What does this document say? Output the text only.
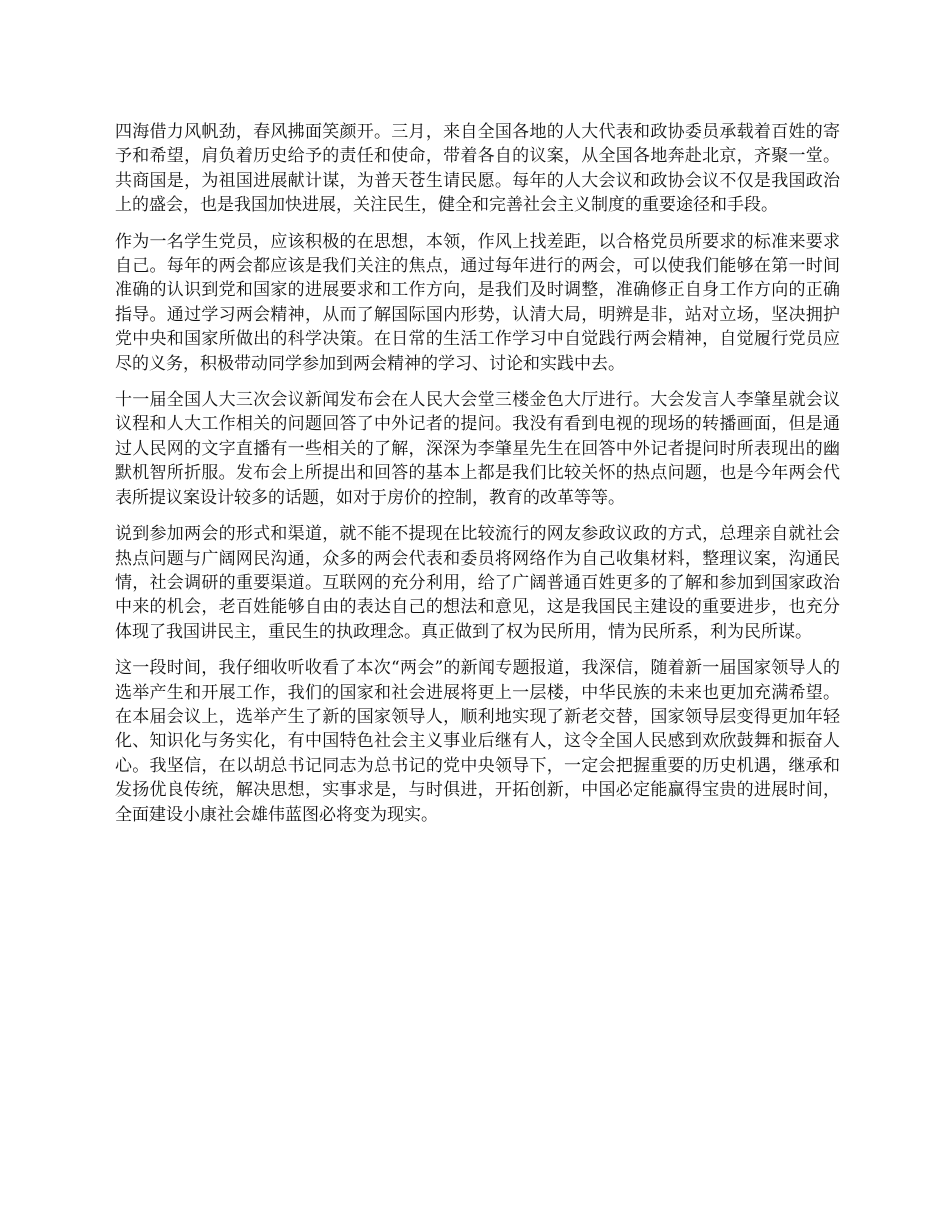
四海借力风帆劲，春风拂面笑颜开。三月，来自全国各地的人大代表和政协委员承载着百姓的寄予和希望，肩负着历史给予的责任和使命，带着各自的议案，从全国各地奔赴北京，齐聚一堂。共商国是，为祖国进展献计谋，为普天苍生请民愿。每年的人大会议和政协会议不仅是我国政治上的盛会，也是我国加快进展，关注民生，健全和完善社会主义制度的重要途径和手段。

作为一名学生党员，应该积极的在思想，本领，作风上找差距，以合格党员所要求的标准来要求自己。每年的两会都应该是我们关注的焦点，通过每年进行的两会，可以使我们能够在第一时间准确的认识到党和国家的进展要求和工作方向，是我们及时调整，准确修正自身工作方向的正确指导。通过学习两会精神，从而了解国际国内形势，认清大局，明辨是非，站对立场，坚决拥护党中央和国家所做出的科学决策。在日常的生活工作学习中自觉践行两会精神，自觉履行党员应尽的义务，积极带动同学参加到两会精神的学习、讨论和实践中去。

十一届全国人大三次会议新闻发布会在人民大会堂三楼金色大厅进行。大会发言人李肇星就会议议程和人大工作相关的问题回答了中外记者的提问。我没有看到电视的现场的转播画面，但是通过人民网的文字直播有一些相关的了解，深深为李肇星先生在回答中外记者提问时所表现出的幽默机智所折服。发布会上所提出和回答的基本上都是我们比较关怀的热点问题，也是今年两会代表所提议案设计较多的话题，如对于房价的控制，教育的改革等等。

说到参加两会的形式和渠道，就不能不提现在比较流行的网友参政议政的方式，总理亲自就社会热点问题与广阔网民沟通，众多的两会代表和委员将网络作为自己收集材料，整理议案，沟通民情，社会调研的重要渠道。互联网的充分利用，给了广阔普通百姓更多的了解和参加到国家政治中来的机会，老百姓能够自由的表达自己的想法和意见，这是我国民主建设的重要进步，也充分体现了我国讲民主，重民生的执政理念。真正做到了权为民所用，情为民所系，利为民所谋。

这一段时间，我仔细收听收看了本次“两会”的新闻专题报道，我深信，随着新一届国家领导人的选举产生和开展工作，我们的国家和社会进展将更上一层楼，中华民族的未来也更加充满希望。在本届会议上，选举产生了新的国家领导人，顺利地实现了新老交替，国家领导层变得更加年轻化、知识化与务实化，有中国特色社会主义事业后继有人，这令全国人民感到欢欣鼓舞和振奋人心。我坚信，在以胡总书记同志为总书记的党中央领导下，一定会把握重要的历史机遇，继承和发扬优良传统，解决思想，实事求是，与时俱进，开拓创新，中国必定能赢得宝贵的进展时间，全面建设小康社会雄伟蓝图必将变为现实。
